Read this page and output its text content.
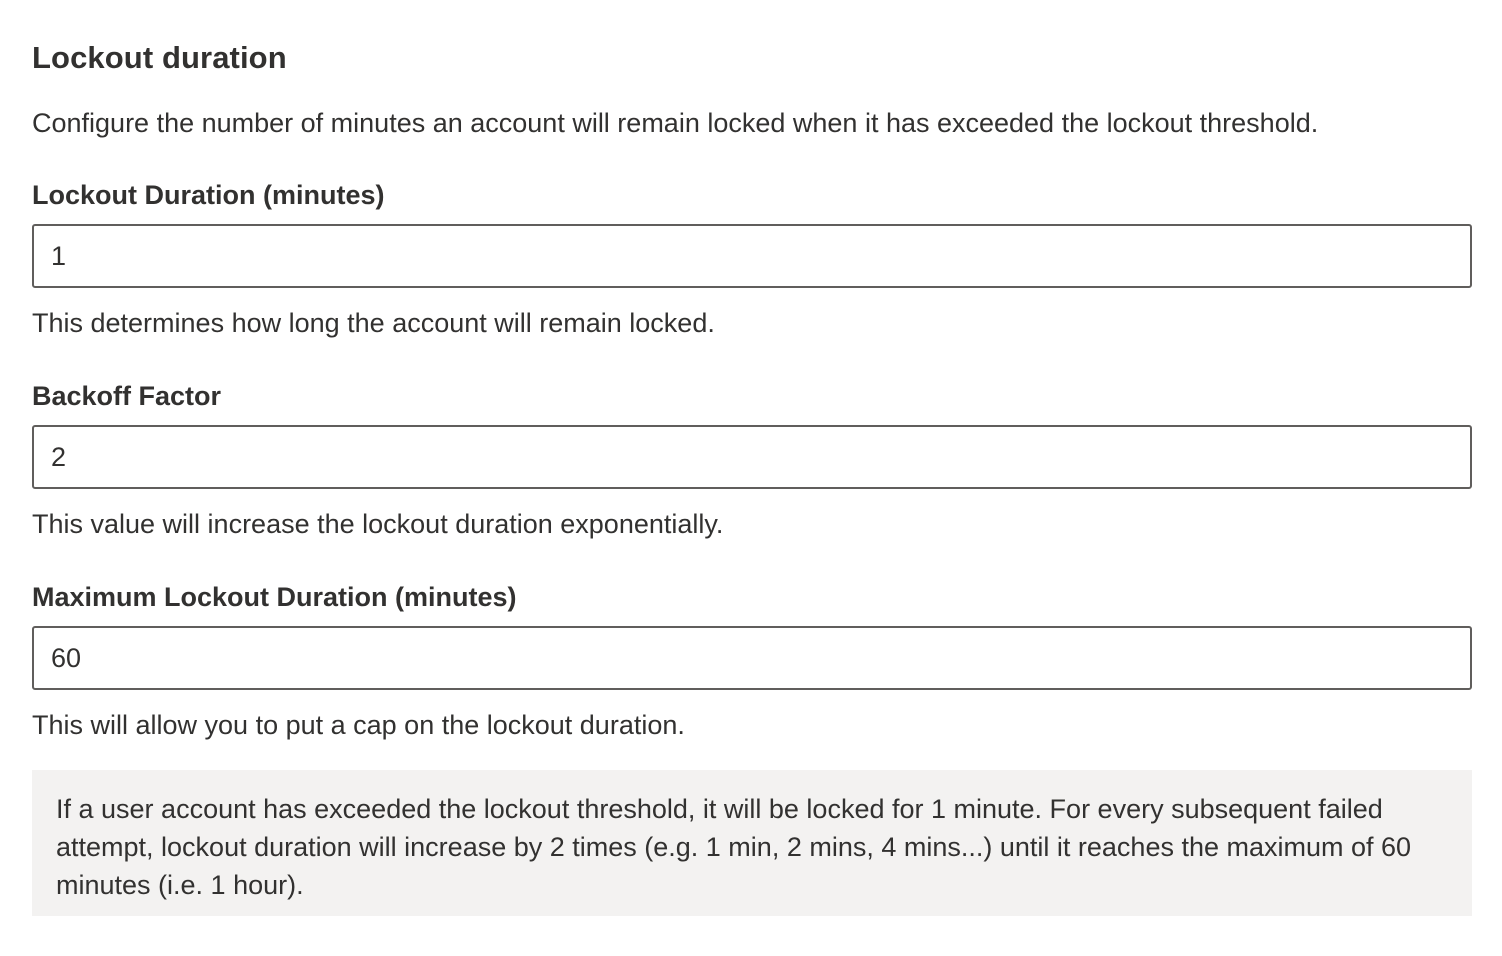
Lockout duration

Configure the number of minutes an account will remain locked when it has exceeded the lockout threshold.

Lockout Duration (minutes)
1

This determines how long the account will remain locked.

Backoff Factor
2

This value will increase the lockout duration exponentially.

Maximum Lockout Duration (minutes)
60

This will allow you to put a cap on the lockout duration.

If a user account has exceeded the lockout threshold, it will be locked for 1 minute. For every subsequent failed attempt, lockout duration will increase by 2 times (e.g. 1 min, 2 mins, 4 mins...) until it reaches the maximum of 60 minutes (i.e. 1 hour).
